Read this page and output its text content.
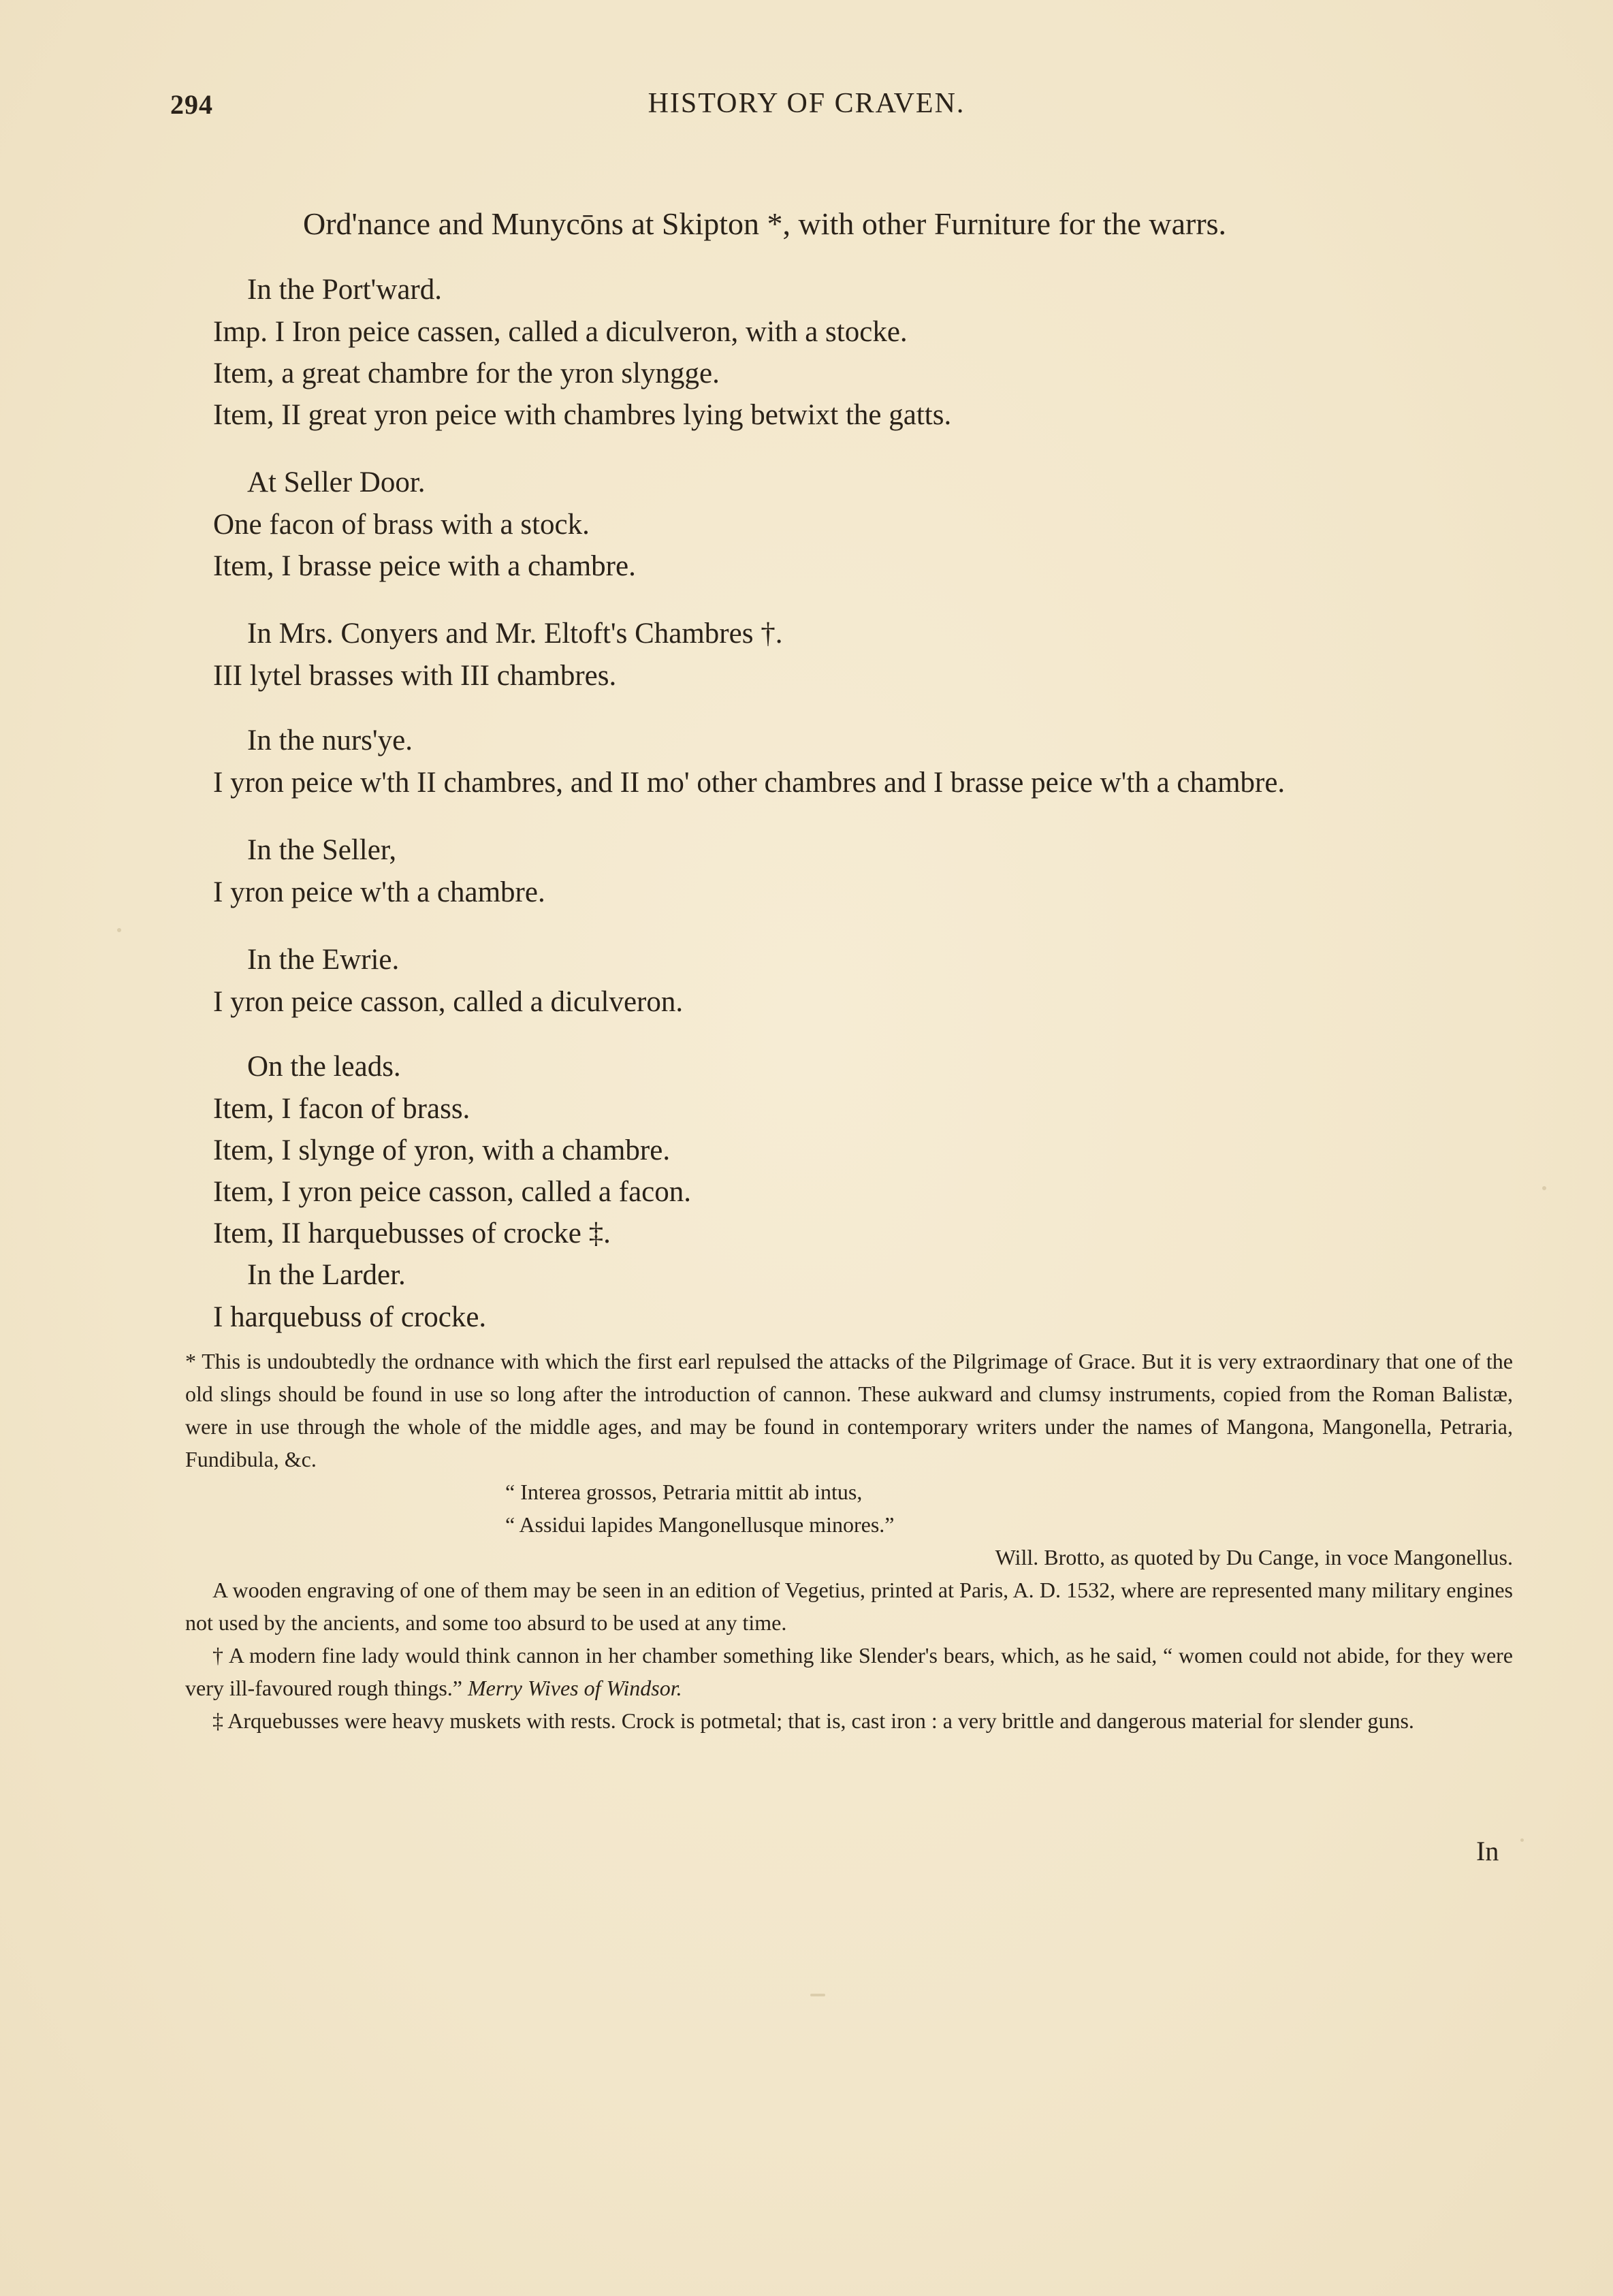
294	HISTORY OF CRAVEN.
Ord'nance and Munycōns at Skipton *, with other Furniture for the warrs.
In the Port'ward.
Imp. I Iron peice cassen, called a diculveron, with a stocke.
Item, a great chambre for the yron slyngge.
Item, II great yron peice with chambres lying betwixt the gatts.
At Seller Door.
One facon of brass with a stock.
Item, I brasse peice with a chambre.
In Mrs. Conyers and Mr. Eltoft's Chambres †.
III lytel brasses with III chambres.
In the nurs'ye.
I yron peice w'th II chambres, and II mo' other chambres and I brasse peice w'th a chambre.
In the Seller,
I yron peice w'th a chambre.
In the Ewrie.
I yron peice casson, called a diculveron.
On the leads.
Item, I facon of brass.
Item, I slynge of yron, with a chambre.
Item, I yron peice casson, called a facon.
Item, II harquebusses of crocke ‡.
In the Larder.
I harquebuss of crocke.

* This is undoubtedly the ordnance with which the first earl repulsed the attacks of the Pilgrimage of Grace. But it is very extraordinary that one of the old slings should be found in use so long after the introduction of cannon. These aukward and clumsy instruments, copied from the Roman Balistæ, were in use through the whole of the middle ages, and may be found in contemporary writers under the names of Mangona, Mangonella, Petraria, Fundibula, &c.

“ Interea grossos, Petraria mittit ab intus,
“ Assidui lapides Mangonellusque minores.”
Will. Brotto, as quoted by Du Cange, in voce Mangonellus.

A wooden engraving of one of them may be seen in an edition of Vegetius, printed at Paris, A. D. 1532, where are represented many military engines not used by the ancients, and some too absurd to be used at any time.

† A modern fine lady would think cannon in her chamber something like Slender's bears, which, as he said, “ women could not abide, for they were very ill-favoured rough things.” Merry Wives of Windsor.

‡ Arquebusses were heavy muskets with rests. Crock is potmetal; that is, cast iron : a very brittle and dangerous material for slender guns.

In
